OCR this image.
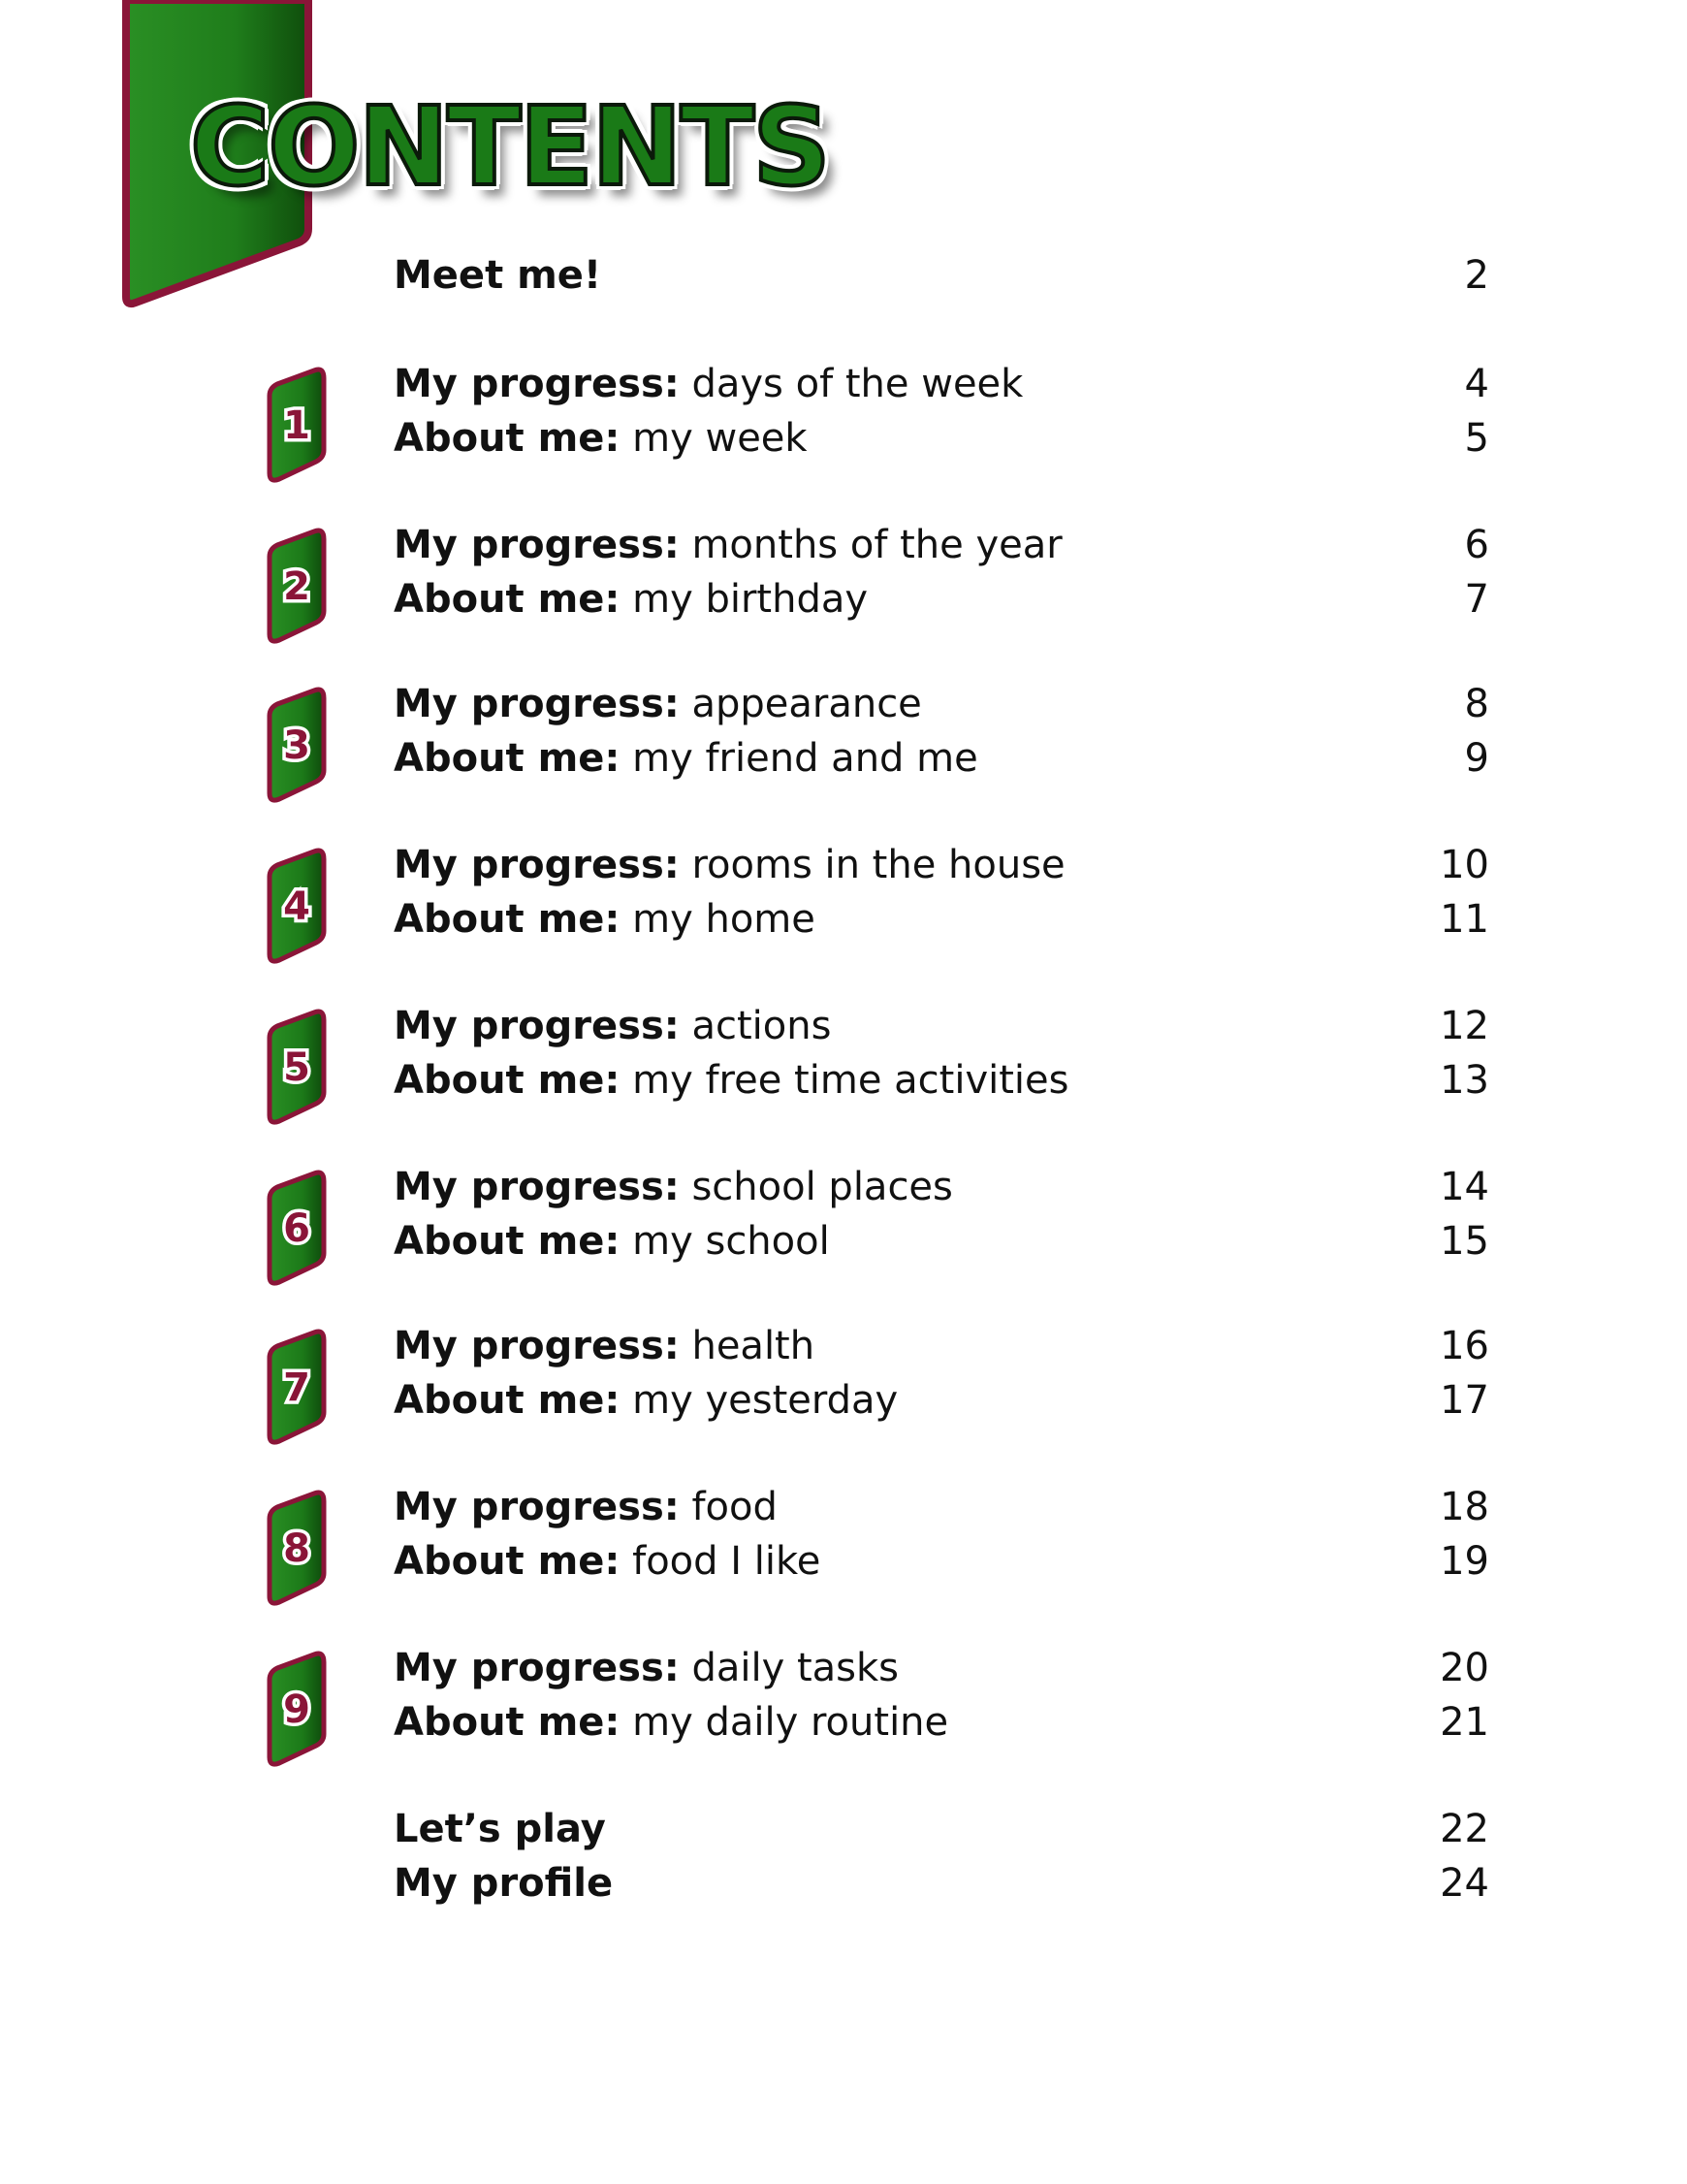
CONTENTS
Meet me!	2
1
My progress: days of the week	4
About me: my week	5
2
My progress: months of the year	6
About me: my birthday	7
3
My progress: appearance	8
About me: my friend and me	9
4
My progress: rooms in the house	10
About me: my home	11
5
My progress: actions	12
About me: my free time activities	13
6
My progress: school places	14
About me: my school	15
7
My progress: health	16
About me: my yesterday	17
8
My progress: food	18
About me: food I like	19
9
My progress: daily tasks	20
About me: my daily routine	21
Let’s play	22
My profile	24
